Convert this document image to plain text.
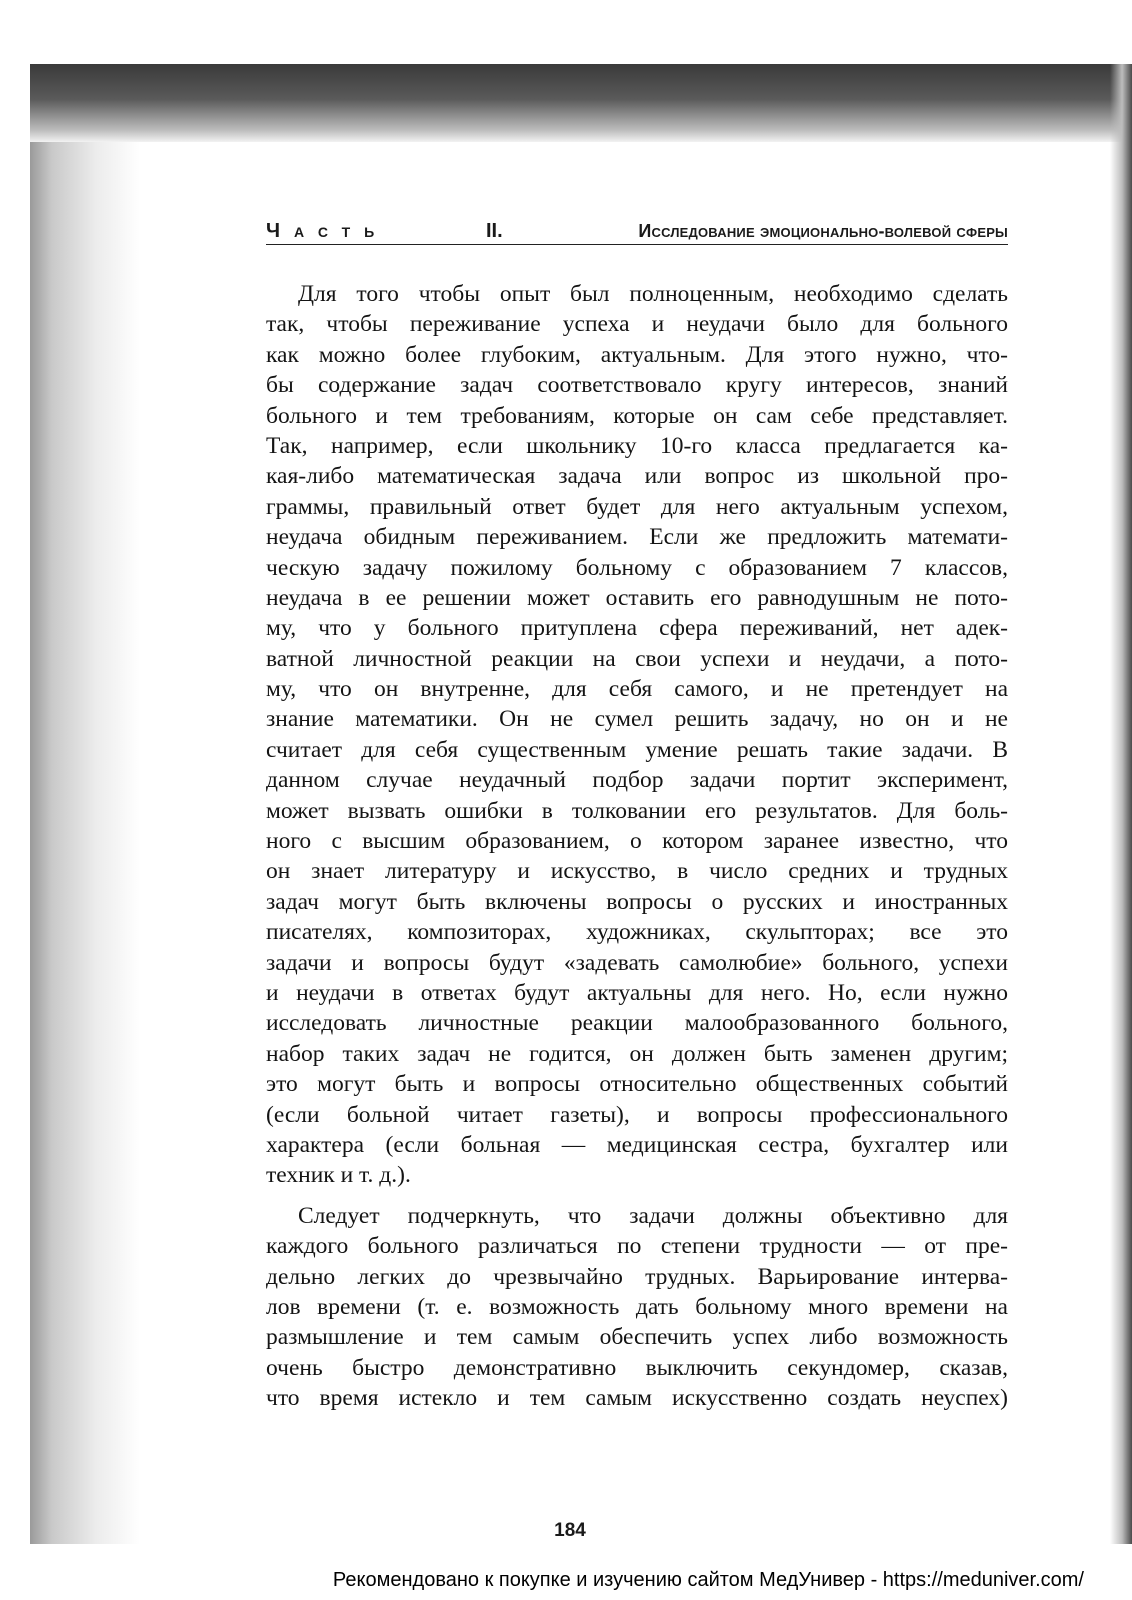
Часть	II.	Исследование эмоционально-волевой сферы
Для того чтобы опыт был полноценным, необходимо сделать
так, чтобы переживание успеха и неудачи было для больного
как можно более глубоким, актуальным. Для этого нужно, что-
бы содержание задач соответствовало кругу интересов, знаний
больного и тем требованиям, которые он сам себе представляет.
Так, например, если школьнику 10-го класса предлагается ка-
кая-либо математическая задача или вопрос из школьной про-
граммы, правильный ответ будет для него актуальным успехом,
неудача обидным переживанием. Если же предложить математи-
ческую задачу пожилому больному с образованием 7 классов,
неудача в ее решении может оставить его равнодушным не пото-
му, что у больного притуплена сфера переживаний, нет адек-
ватной личностной реакции на свои успехи и неудачи, а пото-
му, что он внутренне, для себя самого, и не претендует на
знание математики. Он не сумел решить задачу, но он и не
считает для себя существенным умение решать такие задачи. В
данном случае неудачный подбор задачи портит эксперимент,
может вызвать ошибки в толковании его результатов. Для боль-
ного с высшим образованием, о котором заранее известно, что
он знает литературу и искусство, в число средних и трудных
задач могут быть включены вопросы о русских и иностранных
писателях, композиторах, художниках, скульпторах; все это
задачи и вопросы будут «задевать самолюбие» больного, успехи
и неудачи в ответах будут актуальны для него. Но, если нужно
исследовать личностные реакции малообразованного больного,
набор таких задач не годится, он должен быть заменен другим;
это могут быть и вопросы относительно общественных событий
(если больной читает газеты), и вопросы профессионального
характера (если больная — медицинская сестра, бухгалтер или
техник и т. д.).
Следует подчеркнуть, что задачи должны объективно для
каждого больного различаться по степени трудности — от пре-
дельно легких до чрезвычайно трудных. Варьирование интерва-
лов времени (т. е. возможность дать больному много времени на
размышление и тем самым обеспечить успех либо возможность
очень быстро демонстративно выключить секундомер, сказав,
что время истекло и тем самым искусственно создать неуспех)
184
Рекомендовано к покупке и изучению сайтом МедУнивер - https://meduniver.com/
